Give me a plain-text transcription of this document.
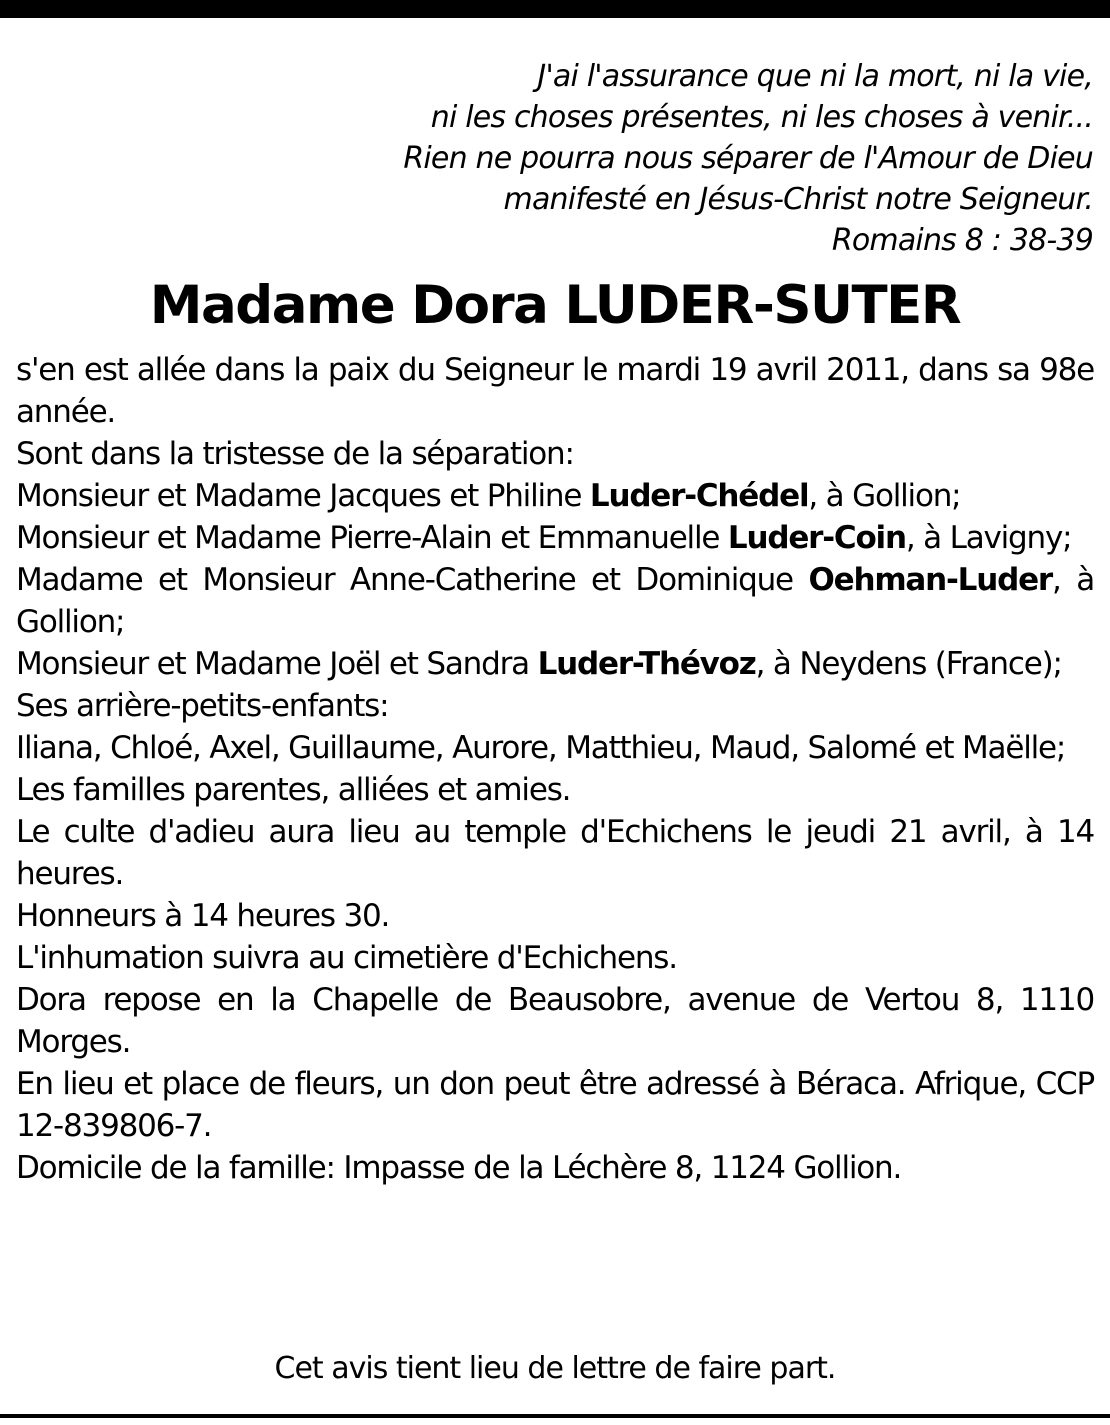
J'ai l'assurance que ni la mort, ni la vie,
ni les choses présentes, ni les choses à venir...
Rien ne pourra nous séparer de l'Amour de Dieu
manifesté en Jésus-Christ notre Seigneur.
Romains 8 : 38-39
Madame Dora LUDER-SUTER

s'en est allée dans la paix du Seigneur le mardi 19 avril 2011, dans sa 98e année.

Sont dans la tristesse de la séparation:

Monsieur et Madame Jacques et Philine Luder-Chédel, à Gollion;

Monsieur et Madame Pierre-Alain et Emmanuelle Luder-Coin, à Lavigny;

Madame et Monsieur Anne-Catherine et Dominique Oehman-Luder, à Gollion;

Monsieur et Madame Joël et Sandra Luder-Thévoz, à Neydens (France);

Ses arrière-petits-enfants:

Iliana, Chloé, Axel, Guillaume, Aurore, Matthieu, Maud, Salomé et Maëlle;

Les familles parentes, alliées et amies.

Le culte d'adieu aura lieu au temple d'Echichens le jeudi 21 avril, à 14 heures.

Honneurs à 14 heures 30.

L'inhumation suivra au cimetière d'Echichens.

Dora repose en la Chapelle de Beausobre, avenue de Vertou 8, 1110 Morges.

En lieu et place de fleurs, un don peut être adressé à Béraca. Afrique, CCP 12-839806-7.

Domicile de la famille: Impasse de la Léchère 8, 1124 Gollion.

Cet avis tient lieu de lettre de faire part.
